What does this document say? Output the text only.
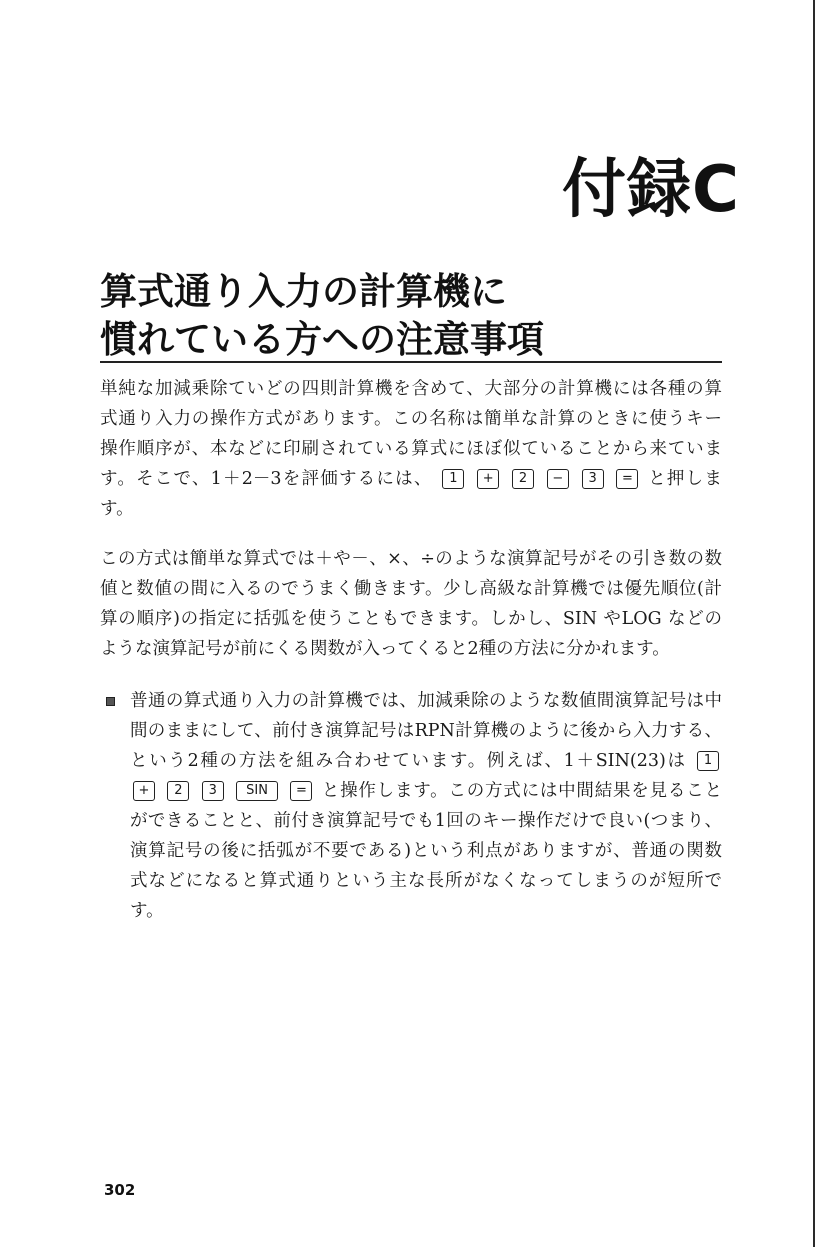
付録C
算式通り入力の計算機に
慣れている方への注意事項
単純な加減乗除ていどの四則計算機を含めて、大部分の計算機には各種の算
式通り入力の操作方式があります。この名称は簡単な計算のときに使うキー
操作順序が、本などに印刷されている算式にほぼ似ていることから来ていま
す。そこで、1＋2－3を評価するには、 1 + 2 − 3 = と押しま
す。
この方式は簡単な算式では＋や－、×、÷のような演算記号がその引き数の数
値と数値の間に入るのでうまく働きます。少し高級な計算機では優先順位(計
算の順序)の指定に括弧を使うこともできます。しかし、SIN やLOG などの
ような演算記号が前にくる関数が入ってくると2種の方法に分かれます。
普通の算式通り入力の計算機では、加減乗除のような数値間演算記号は中
間のままにして、前付き演算記号はRPN計算機のように後から入力する、
という2種の方法を組み合わせています。例えば、1＋SIN(23)は 1
+ 2 3 SIN = と操作します。この方式には中間結果を見ること
ができることと、前付き演算記号でも1回のキー操作だけで良い(つまり、
演算記号の後に括弧が不要である)という利点がありますが、普通の関数
式などになると算式通りという主な長所がなくなってしまうのが短所で
す。
302
